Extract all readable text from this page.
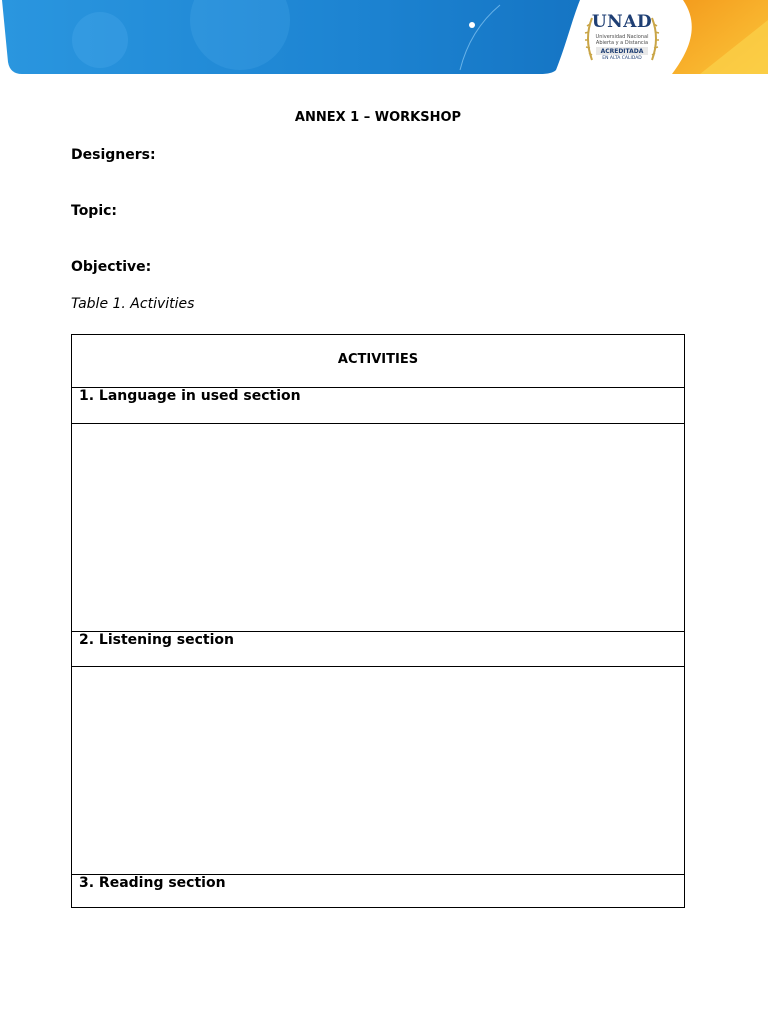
UNAD
Universidad Nacional
Abierta y a Distancia
ACREDITADA
EN ALTA CALIDAD
ANNEX 1 – WORKSHOP
Designers:
Topic:
Objective:
Table 1. Activities
ACTIVITIES
1. Language in used section
2. Listening section
3. Reading section
